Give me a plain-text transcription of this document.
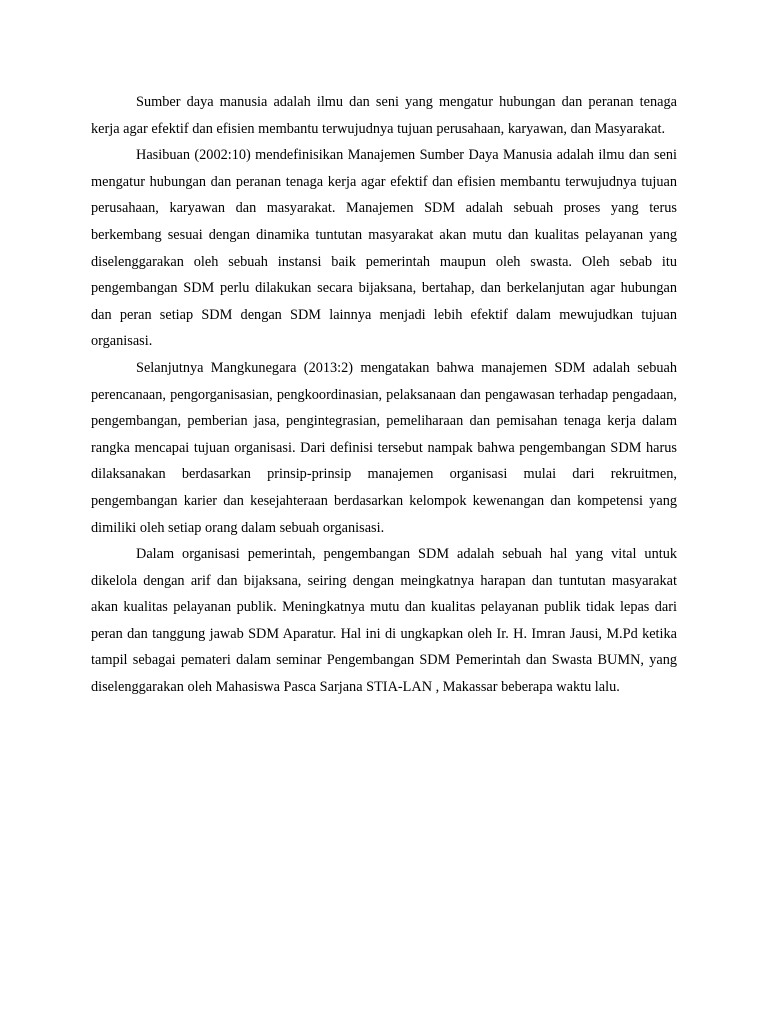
Sumber daya manusia adalah ilmu dan seni yang mengatur hubungan dan peranan tenaga kerja agar efektif dan efisien membantu terwujudnya tujuan perusahaan, karyawan, dan Masyarakat.

Hasibuan (2002:10) mendefinisikan Manajemen Sumber Daya Manusia adalah ilmu dan seni mengatur hubungan dan peranan tenaga kerja agar efektif dan efisien membantu terwujudnya tujuan perusahaan, karyawan dan masyarakat. Manajemen SDM adalah sebuah proses yang terus berkembang sesuai dengan dinamika tuntutan masyarakat akan mutu dan kualitas pelayanan yang diselenggarakan oleh sebuah instansi baik pemerintah maupun oleh swasta. Oleh sebab itu pengembangan SDM perlu dilakukan secara bijaksana, bertahap, dan berkelanjutan agar hubungan dan peran setiap SDM dengan SDM lainnya menjadi lebih efektif dalam mewujudkan tujuan organisasi.

Selanjutnya Mangkunegara (2013:2) mengatakan bahwa manajemen SDM adalah sebuah perencanaan, pengorganisasian, pengkoordinasian, pelaksanaan dan pengawasan terhadap pengadaan, pengembangan, pemberian jasa, pengintegrasian, pemeliharaan dan pemisahan tenaga kerja dalam rangka mencapai tujuan organisasi. Dari definisi tersebut nampak bahwa pengembangan SDM harus dilaksanakan berdasarkan prinsip-prinsip manajemen organisasi mulai dari rekruitmen, pengembangan karier dan kesejahteraan berdasarkan kelompok kewenangan dan kompetensi yang dimiliki oleh setiap orang dalam sebuah organisasi.

Dalam organisasi pemerintah, pengembangan SDM adalah sebuah hal yang vital untuk dikelola dengan arif dan bijaksana, seiring dengan meingkatnya harapan dan tuntutan masyarakat akan kualitas pelayanan publik. Meningkatnya mutu dan kualitas pelayanan publik tidak lepas dari peran dan tanggung jawab SDM Aparatur. Hal ini di ungkapkan oleh Ir. H. Imran Jausi, M.Pd ketika tampil sebagai pemateri dalam seminar Pengembangan SDM Pemerintah dan Swasta BUMN, yang diselenggarakan oleh Mahasiswa Pasca Sarjana STIA-LAN , Makassar beberapa waktu lalu.
